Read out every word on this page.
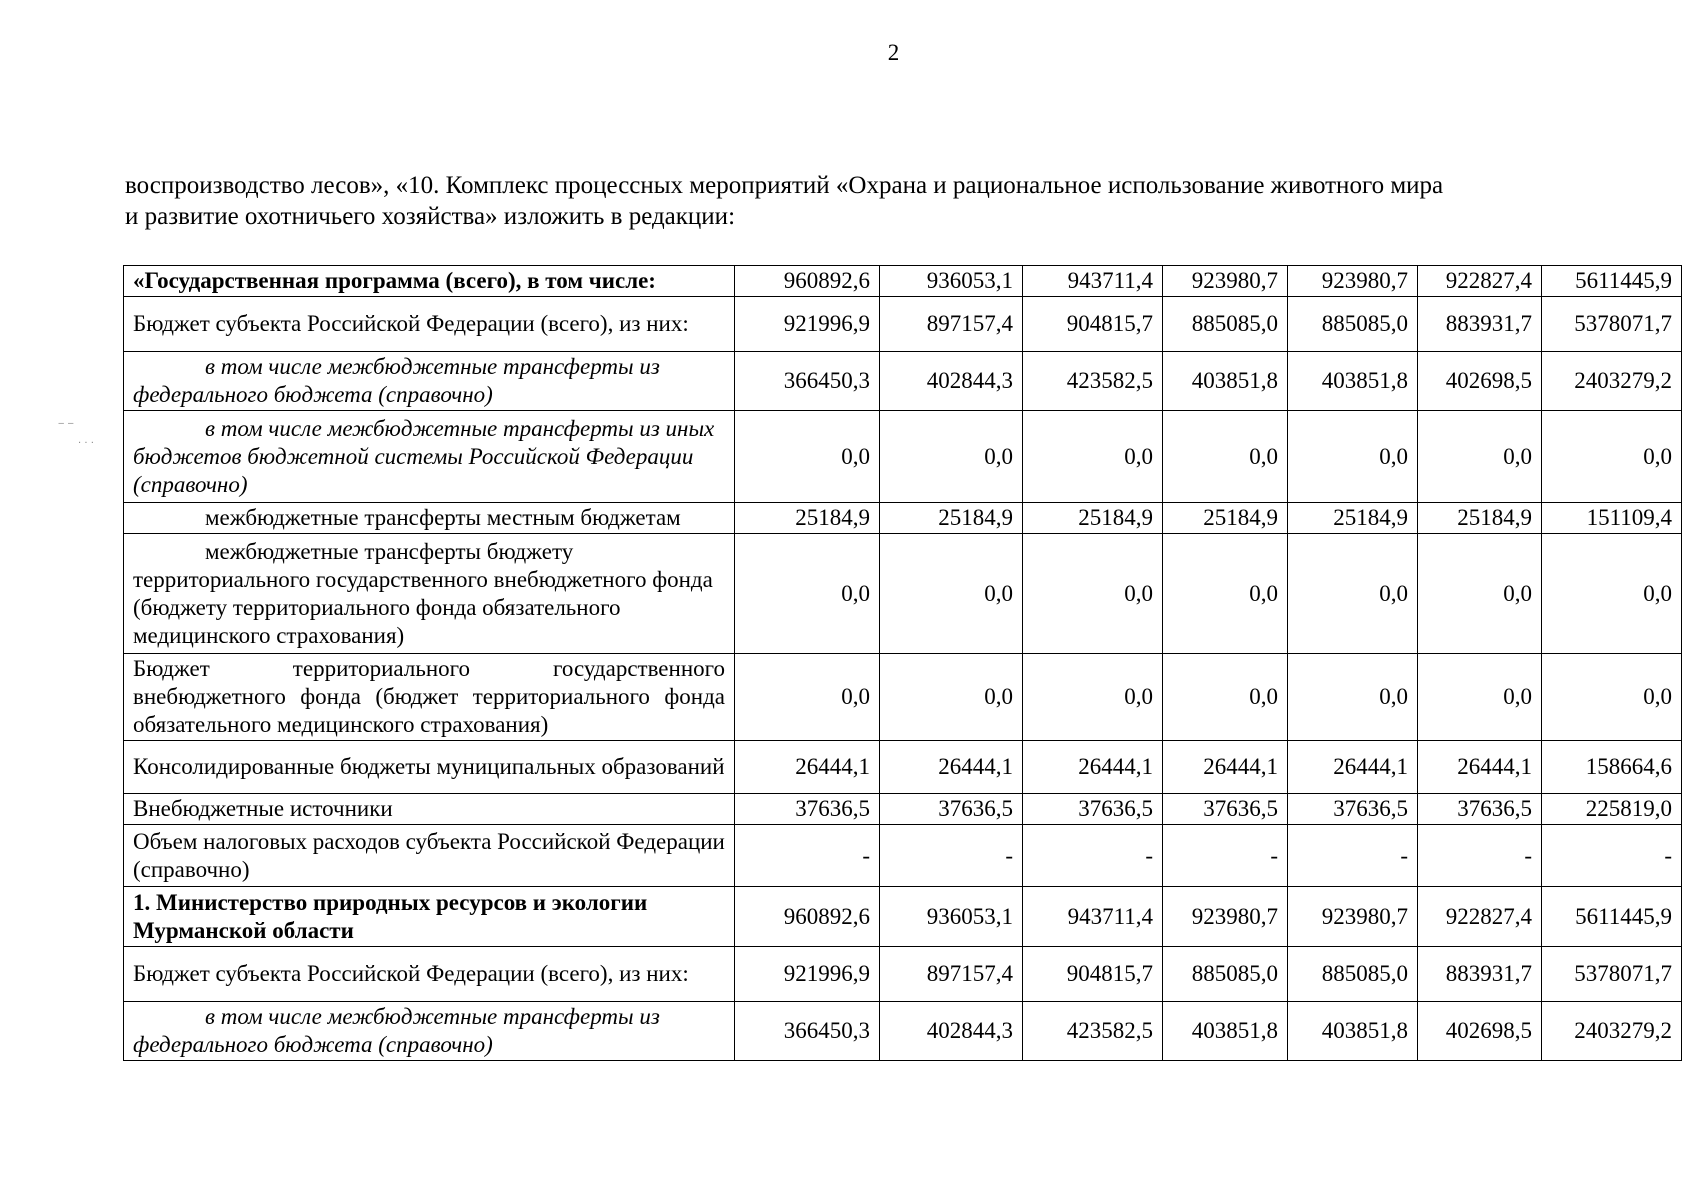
2

воспроизводство лесов», «10. Комплекс процессных мероприятий «Охрана и рациональное использование животного мира

и развитие охотничьего хозяйства» изложить в редакции:

‒ ‒
· · ·
«Государственная программа (всего), в том числе:	960892,6	936053,1	943711,4	923980,7	923980,7	922827,4	5611445,9
Бюджет субъекта Российской Федерации (всего), из них:	921996,9	897157,4	904815,7	885085,0	885085,0	883931,7	5378071,7
в том числе межбюджетные трансферты из федерального бюджета (справочно)	366450,3	402844,3	423582,5	403851,8	403851,8	402698,5	2403279,2
в том числе межбюджетные трансферты из иных бюджетов бюджетной системы Российской Федерации (справочно)	0,0	0,0	0,0	0,0	0,0	0,0	0,0
межбюджетные трансферты местным бюджетам	25184,9	25184,9	25184,9	25184,9	25184,9	25184,9	151109,4
межбюджетные трансферты бюджету территориального государственного внебюджетного фонда (бюджету территориального фонда обязательного медицинского страхования)	0,0	0,0	0,0	0,0	0,0	0,0	0,0
Бюджет территориального государственного внебюджетного фонда (бюджет территориального фонда обязательного медицинского страхования)	0,0	0,0	0,0	0,0	0,0	0,0	0,0
Консолидированные бюджеты муниципальных образований	26444,1	26444,1	26444,1	26444,1	26444,1	26444,1	158664,6
Внебюджетные источники	37636,5	37636,5	37636,5	37636,5	37636,5	37636,5	225819,0
Объем налоговых расходов субъекта Российской Федерации (справочно)	-	-	-	-	-	-	-
1. Министерство природных ресурсов и экологии Мурманской области	960892,6	936053,1	943711,4	923980,7	923980,7	922827,4	5611445,9
Бюджет субъекта Российской Федерации (всего), из них:	921996,9	897157,4	904815,7	885085,0	885085,0	883931,7	5378071,7
в том числе межбюджетные трансферты из федерального бюджета (справочно)	366450,3	402844,3	423582,5	403851,8	403851,8	402698,5	2403279,2
